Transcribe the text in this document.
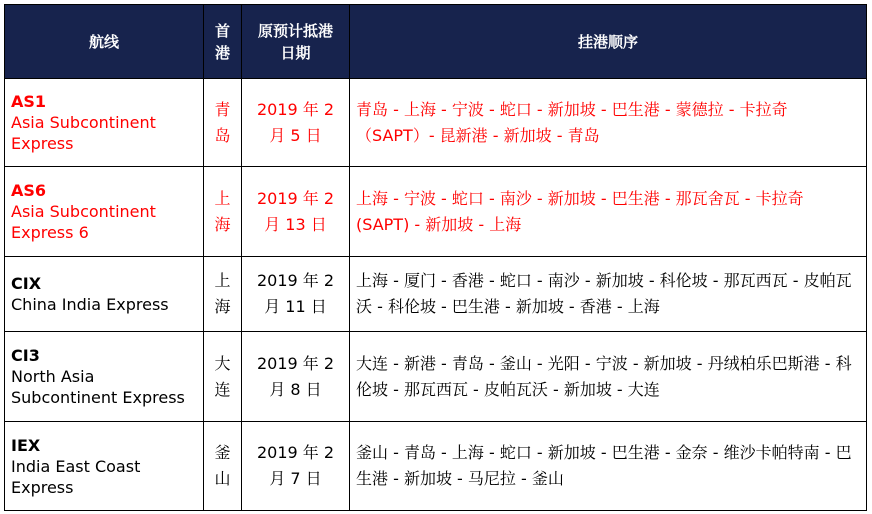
航线	首港	原预计抵港日期	挂港顺序

AS1
Asia Subcontinent Express	青岛	2019 年 2 月 5 日	青岛 - 上海 - 宁波 - 蛇口 - 新加坡 - 巴生港 - 蒙德拉 - 卡拉奇（SAPT）- 昆新港 - 新加坡 - 青岛

AS6
Asia Subcontinent Express 6	上海	2019 年 2 月 13 日	上海 - 宁波 - 蛇口 - 南沙 - 新加坡 - 巴生港 - 那瓦舍瓦 - 卡拉奇 (SAPT) - 新加坡 - 上海

CIX
China India Express	上海	2019 年 2 月 11 日	上海 - 厦门 - 香港 - 蛇口 - 南沙 - 新加坡 - 科伦坡 - 那瓦西瓦 - 皮帕瓦沃 - 科伦坡 - 巴生港 - 新加坡 - 香港 - 上海

CI3
North Asia Subcontinent Express	大连	2019 年 2 月 8 日	大连 - 新港 - 青岛 - 釜山 - 光阳 - 宁波 - 新加坡 - 丹绒柏乐巴斯港 - 科伦坡 - 那瓦西瓦 - 皮帕瓦沃 - 新加坡 - 大连

IEX
India East Coast Express	釜山	2019 年 2 月 7 日	釜山 - 青岛 - 上海 - 蛇口 - 新加坡 - 巴生港 - 金奈 - 维沙卡帕特南 - 巴生港 - 新加坡 - 马尼拉 - 釜山
